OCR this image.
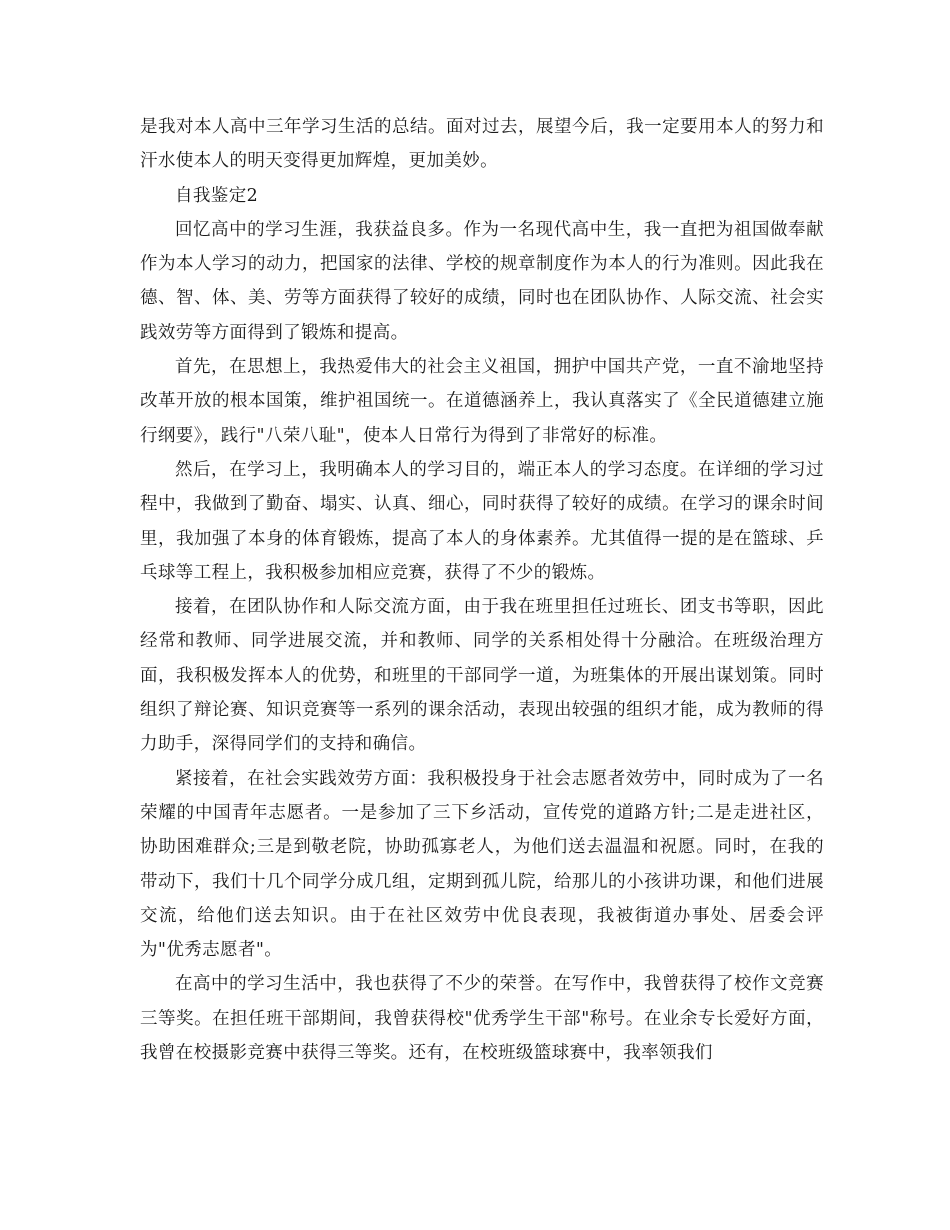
是我对本人高中三年学习生活的总结。面对过去，展望今后，我一定要用本人的努力和汗水使本人的明天变得更加辉煌，更加美妙。

自我鉴定2

回忆高中的学习生涯，我获益良多。作为一名现代高中生，我一直把为祖国做奉献作为本人学习的动力，把国家的法律、学校的规章制度作为本人的行为准则。因此我在德、智、体、美、劳等方面获得了较好的成绩，同时也在团队协作、人际交流、社会实践效劳等方面得到了锻炼和提高。

首先，在思想上，我热爱伟大的社会主义祖国，拥护中国共产党，一直不渝地坚持改革开放的根本国策，维护祖国统一。在道德涵养上，我认真落实了《全民道德建立施行纲要》，践行"八荣八耻"，使本人日常行为得到了非常好的标准。

然后，在学习上，我明确本人的学习目的，端正本人的学习态度。在详细的学习过程中，我做到了勤奋、塌实、认真、细心，同时获得了较好的成绩。在学习的课余时间里，我加强了本身的体育锻炼，提高了本人的身体素养。尤其值得一提的是在篮球、乒乓球等工程上，我积极参加相应竞赛，获得了不少的锻炼。

接着，在团队协作和人际交流方面，由于我在班里担任过班长、团支书等职，因此经常和教师、同学进展交流，并和教师、同学的关系相处得十分融洽。在班级治理方面，我积极发挥本人的优势，和班里的干部同学一道，为班集体的开展出谋划策。同时组织了辩论赛、知识竞赛等一系列的课余活动，表现出较强的组织才能，成为教师的得力助手，深得同学们的支持和确信。

紧接着，在社会实践效劳方面：我积极投身于社会志愿者效劳中，同时成为了一名荣耀的中国青年志愿者。一是参加了三下乡活动，宣传党的道路方针;二是走进社区，协助困难群众;三是到敬老院，协助孤寡老人，为他们送去温温和祝愿。同时，在我的带动下，我们十几个同学分成几组，定期到孤儿院，给那儿的小孩讲功课，和他们进展交流，给他们送去知识。由于在社区效劳中优良表现，我被街道办事处、居委会评为"优秀志愿者"。

在高中的学习生活中，我也获得了不少的荣誉。在写作中，我曾获得了校作文竞赛三等奖。在担任班干部期间，我曾获得校"优秀学生干部"称号。在业余专长爱好方面，我曾在校摄影竞赛中获得三等奖。还有，在校班级篮球赛中，我率领我们
